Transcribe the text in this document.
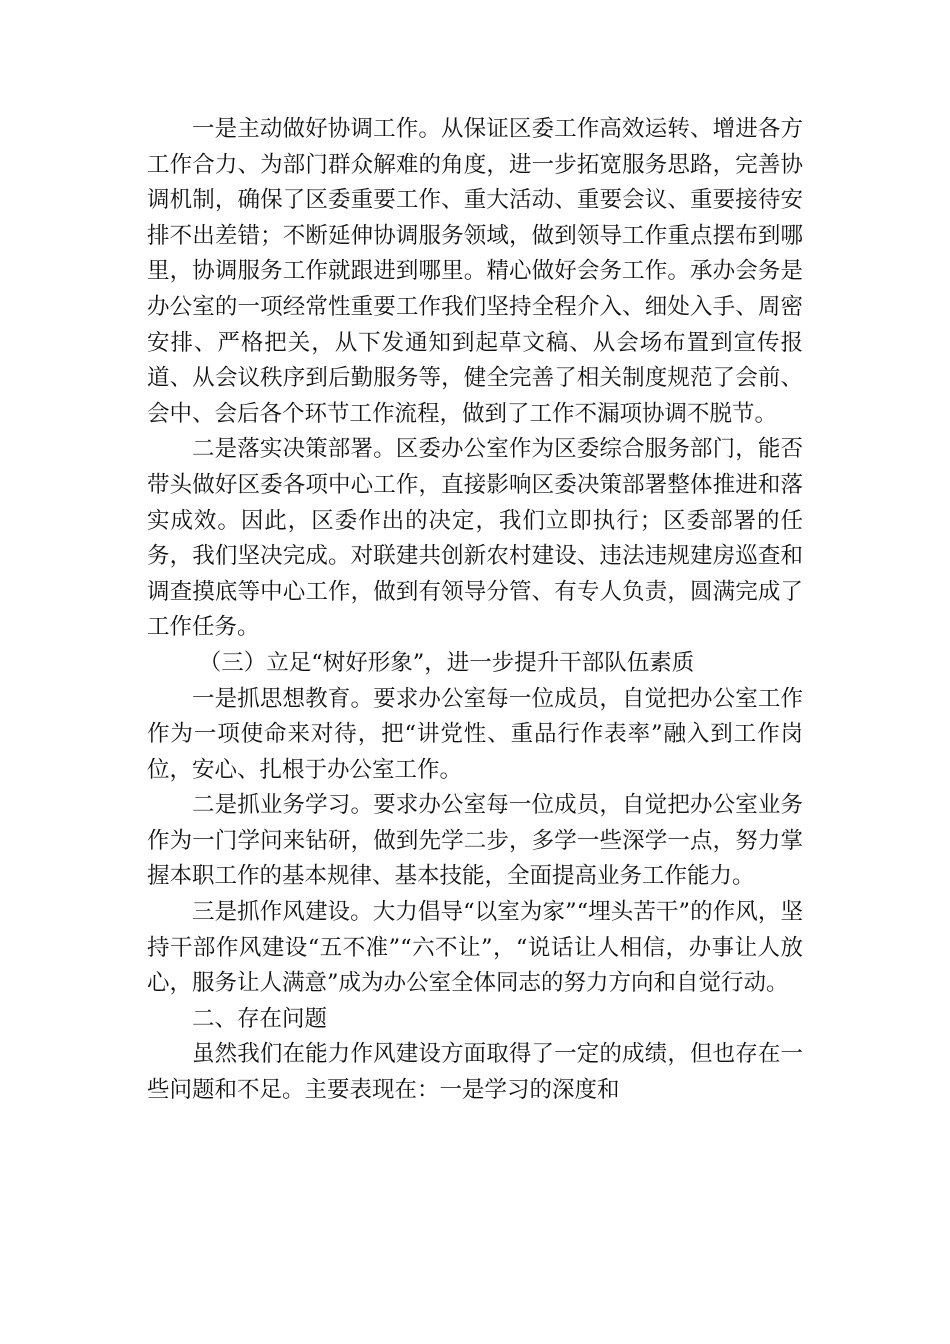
一是主动做好协调工作。从保证区委工作高效运转、增进各方工作合力、为部门群众解难的角度，进一步拓宽服务思路，完善协调机制，确保了区委重要工作、重大活动、重要会议、重要接待安排不出差错；不断延伸协调服务领域，做到领导工作重点摆布到哪里，协调服务工作就跟进到哪里。精心做好会务工作。承办会务是办公室的一项经常性重要工作我们坚持全程介入、细处入手、周密安排、严格把关，从下发通知到起草文稿、从会场布置到宣传报道、从会议秩序到后勤服务等，健全完善了相关制度规范了会前、会中、会后各个环节工作流程，做到了工作不漏项协调不脱节。

二是落实决策部署。区委办公室作为区委综合服务部门，能否带头做好区委各项中心工作，直接影响区委决策部署整体推进和落实成效。因此，区委作出的决定，我们立即执行；区委部署的任务，我们坚决完成。对联建共创新农村建设、违法违规建房巡查和调查摸底等中心工作，做到有领导分管、有专人负责，圆满完成了工作任务。

（三）立足“树好形象”，进一步提升干部队伍素质

一是抓思想教育。要求办公室每一位成员，自觉把办公室工作作为一项使命来对待，把“讲党性、重品行作表率”融入到工作岗位，安心、扎根于办公室工作。

二是抓业务学习。要求办公室每一位成员，自觉把办公室业务作为一门学问来钻研，做到先学二步，多学一些深学一点，努力掌握本职工作的基本规律、基本技能，全面提高业务工作能力。

三是抓作风建设。大力倡导“以室为家”“埋头苦干”的作风，坚持干部作风建设“五不准”“六不让”，“说话让人相信，办事让人放心，服务让人满意”成为办公室全体同志的努力方向和自觉行动。

二、存在问题

虽然我们在能力作风建设方面取得了一定的成绩，但也存在一些问题和不足。主要表现在：一是学习的深度和
